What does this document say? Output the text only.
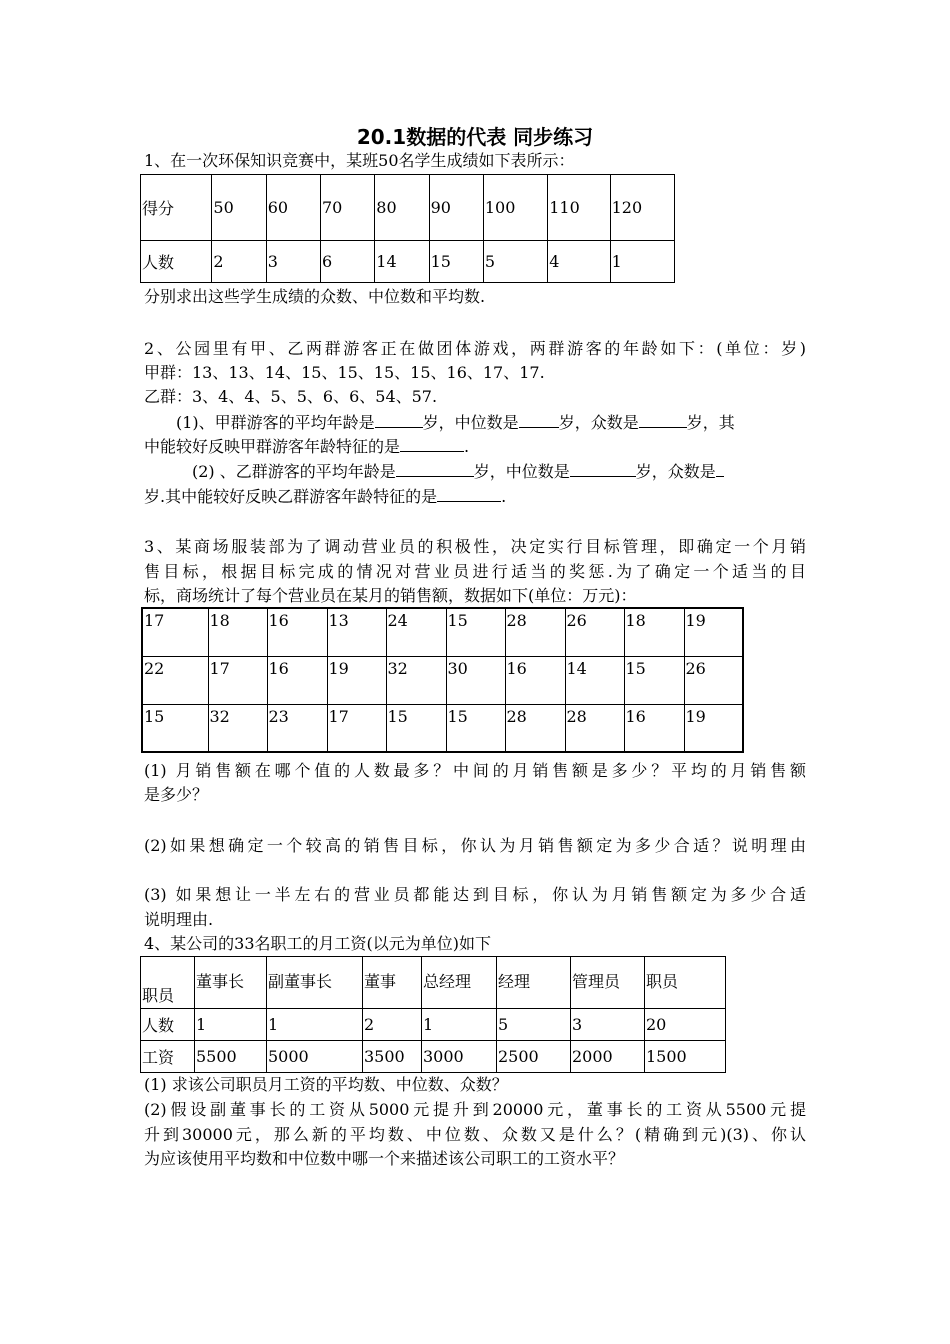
20.1数据的代表 同步练习
1、在一次环保知识竞赛中，某班50名学生成绩如下表所示：
得分	50	60	70	80	90	100	110	120
人数	2	3	6	14	15	5	4	1
分别求出这些学生成绩的众数、中位数和平均数.
2、公园里有甲、乙两群游客正在做团体游戏，两群游客的年龄如下：(单位：岁)
甲群：13、13、14、15、15、15、15、16、17、17.
乙群：3、4、4、5、5、6、6、54、57.
(1)、甲群游客的平均年龄是	岁，中位数是	岁，众数是	岁，其
中能较好反映甲群游客年龄特征的是	.
(2) 、乙群游客的平均年龄是	岁，中位数是	岁，众数是
岁.其中能较好反映乙群游客年龄特征的是	.
3、某商场服装部为了调动营业员的积极性，决定实行目标管理，即确定一个月销
售目标，根据目标完成的情况对营业员进行适当的奖惩.为了确定一个适当的目
标，商场统计了每个营业员在某月的销售额，数据如下(单位：万元)：
17	18	16	13	24	15	28	26	18	19
22	17	16	19	32	30	16	14	15	26
15	32	23	17	15	15	28	28	16	19
(1) 月销售额在哪个值的人数最多？中间的月销售额是多少？平均的月销售额
是多少？
(2)如果想确定一个较高的销售目标，你认为月销售额定为多少合适？说明理由
(3) 如果想让一半左右的营业员都能达到目标，你认为月销售额定为多少合适
说明理由.
4、某公司的33名职工的月工资(以元为单位)如下
职员	董事长	副董事长	董事	总经理	经理	管理员	职员
人数	1	1	2	1	5	3	20
工资	5500	5000	3500	3000	2500	2000	1500
(1) 求该公司职员月工资的平均数、中位数、众数？
(2)假设副董事长的工资从5000元提升到20000元，董事长的工资从5500元提
升到30000元，那么新的平均数、中位数、众数又是什么？(精确到元)(3)、你认
为应该使用平均数和中位数中哪一个来描述该公司职工的工资水平？
